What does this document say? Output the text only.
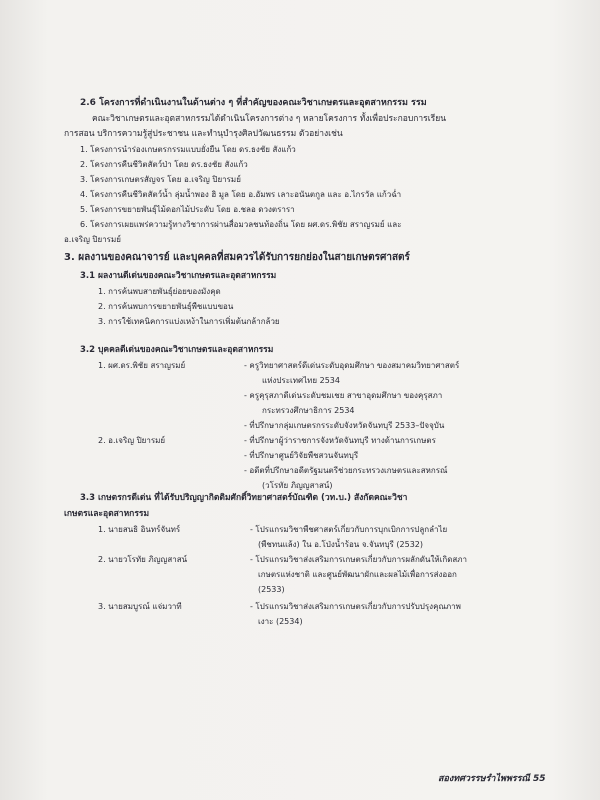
2.6 โครงการที่ดำเนินงานในด้านต่าง ๆ ที่สำคัญของคณะวิชาเกษตรและอุตสาหกรรม รรม
คณะวิชาเกษตรและอุตสาหกรรมได้ดำเนินโครงการต่าง ๆ หลายโครงการ ทั้งเพื่อประกอบการเรียน
การสอน บริการความรู้สู่ประชาชน และทำนุบำรุงศิลปวัฒนธรรม ตัวอย่างเช่น
1. โครงการนำร่องเกษตรกรรมแบบยั่งยืน โดย ดร.ธงชัย สังแก้ว
2. โครงการคืนชีวิตสัตว์ป่า โดย ดร.ธงชัย สังแก้ว
3. โครงการเกษตรสัญจร โดย อ.เจริญ ปิยารมย์
4. โครงการคืนชีวิตสัตว์น้ำ ลุ่มน้ำพอง ฮิ มูล โดย อ.อัมพร เลาะอนันตกูล และ อ.ไกรวัล แก้วฉ่ำ
5. โครงการขยายพันธุ์ไม้ดอกไม้ประดับ โดย อ.ชลอ ดวงตรารา
6. โครงการเผยแพร่ความรู้ทางวิชาการผ่านสื่อมวลชนท้องถิ่น โดย ผศ.ดร.พิชัย สราญรมย์ และ
อ.เจริญ ปิยารมย์
3. ผลงานของคณาจารย์ และบุคคลที่สมควรได้รับการยกย่องในสายเกษตรศาสตร์
3.1 ผลงานดีเด่นของคณะวิชาเกษตรและอุตสาหกรรม
1. การค้นพบสายพันธุ์ย่อยของมังคุด
2. การค้นพบการขยายพันธุ์พืชแบบขอน
3. การใช้เทคนิคการแบ่งเหง้าในการเพิ่มต้นกล้ากล้วย
3.2 บุคคลดีเด่นของคณะวิชาเกษตรและอุตสาหกรรม
1. ผศ.ดร.พิชัย สราญรมย์	- ครูวิทยาศาสตร์ดีเด่นระดับอุดมศึกษา ของสมาคมวิทยาศาสตร์
แห่งประเทศไทย 2534
- ครูคุรุสภาดีเด่นระดับชมเชย สาขาอุดมศึกษา ของคุรุสภา
กระทรวงศึกษาธิการ 2534
- ที่ปรึกษากลุ่มเกษตรกรระดับจังหวัดจันทบุรี 2533–ปัจจุบัน
2. อ.เจริญ ปิยารมย์	- ที่ปรึกษาผู้ว่าราชการจังหวัดจันทบุรี ทางด้านการเกษตร
- ที่ปรึกษาศูนย์วิจัยพืชสวนจันทบุรี
- อดีตที่ปรึกษาอดีตรัฐมนตรีช่วยกระทรวงเกษตรและสหกรณ์
(วโรทัย ภิญญสาสน์)
3.3 เกษตรกรดีเด่น ที่ได้รับปริญญากิตติมศักดิ์วิทยาศาสตร์บัณฑิต (วท.บ.) สังกัดคณะวิชา
เกษตรและอุตสาหกรรม
1. นายสนธิ อินทร์จันทร์	- โปรแกรมวิชาพืชศาสตร์เกี่ยวกับการบุกเบิกการปลูกลำไย
(พืชทนแล้ง) ใน อ.โป่งน้ำร้อน จ.จันทบุรี (2532)
2. นายวโรทัย ภิญญสาสน์	- โปรแกรมวิชาส่งเสริมการเกษตรเกี่ยวกับการผลักดันให้เกิดสภา
เกษตรแห่งชาติ และศูนย์พัฒนาผักและผลไม้เพื่อการส่งออก
(2533)
3. นายสมบูรณ์ แจ่มวาที	- โปรแกรมวิชาส่งเสริมการเกษตรเกี่ยวกับการปรับปรุงคุณภาพ
เงาะ (2534)
สองทศวรรษรำไพพรรณี 55
